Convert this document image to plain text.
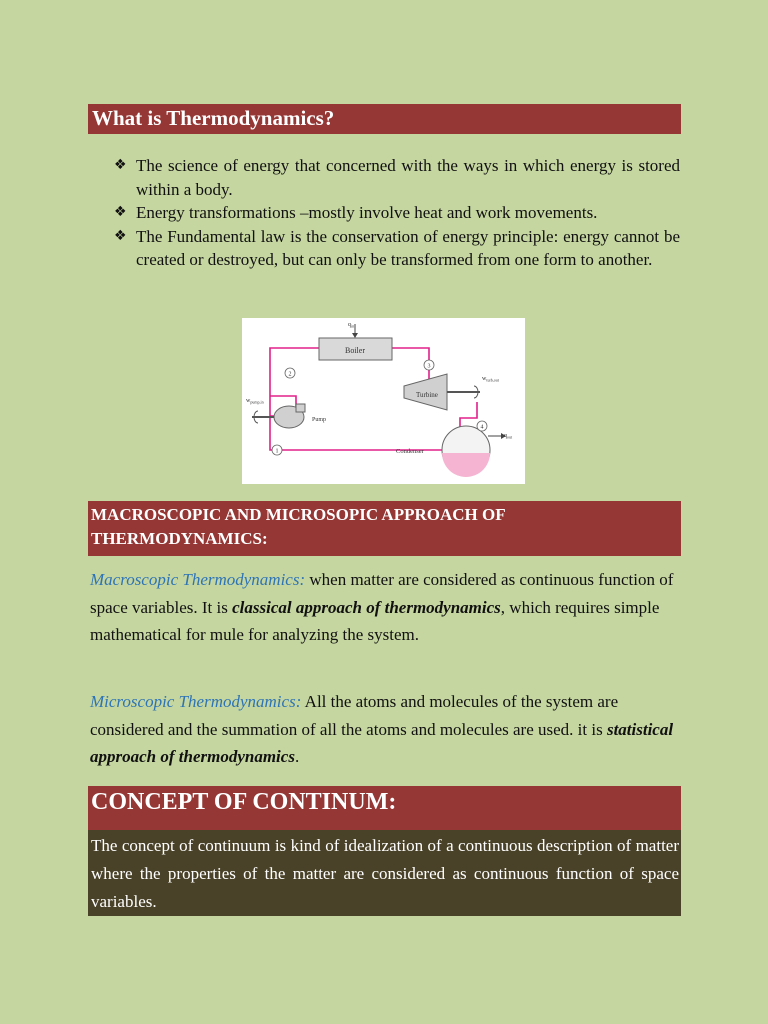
What is Thermodynamics?
❖ The science of energy that concerned with the ways in which energy is stored within a body.
❖ Energy transformations –mostly involve heat and work movements.
❖ The Fundamental law is the conservation of energy principle: energy cannot be created or destroyed, but can only be transformed from one form to another.
Boiler
$q_{in}$
Turbine
$w_{turb,out}$
Pump
$w_{pump,in}$
Condenser
$q_{out}$
1
2
3
4
MACROSCOPIC AND MICROSOPIC APPROACH OF
THERMODYNAMICS:

Macroscopic Thermodynamics: when matter are considered as continuous function of space variables. It is classical approach of thermodynamics, which requires simple mathematical for mule for analyzing the system.

Microscopic Thermodynamics: All the atoms and molecules of the system are considered and the summation of all the atoms and molecules are used. it is statistical approach of thermodynamics.

CONCEPT OF CONTINUM:
The concept of continuum is kind of idealization of a continuous description of matter where the properties of the matter are considered as continuous function of space variables.
